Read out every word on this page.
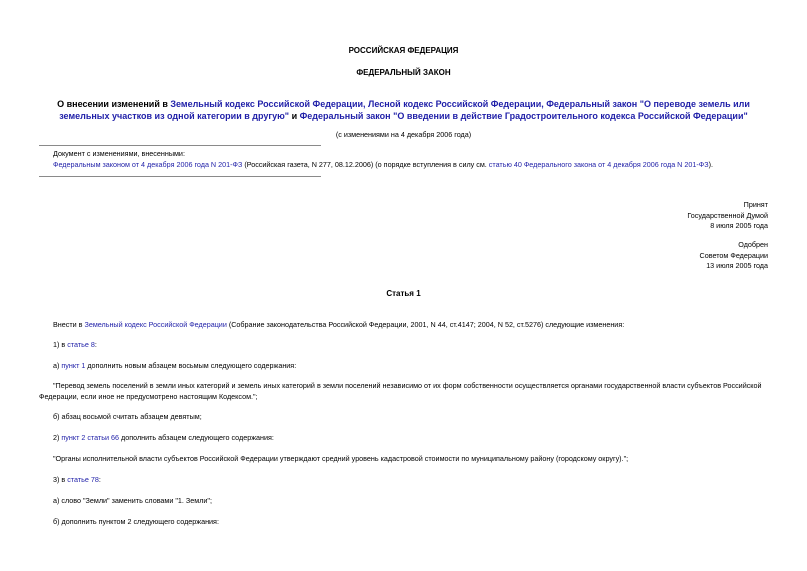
РОССИЙСКАЯ ФЕДЕРАЦИЯ
ФЕДЕРАЛЬНЫЙ ЗАКОН
О внесении изменений в Земельный кодекс Российской Федерации, Лесной кодекс Российской Федерации, Федеральный закон "О переводе земель или
земельных участков из одной категории в другую" и Федеральный закон "О введении в действие Градостроительного кодекса Российской Федерации"
(с изменениями на 4 декабря 2006 года)
Документ с изменениями, внесенными:
Федеральным законом от 4 декабря 2006 года N 201-ФЗ (Российская газета, N 277, 08.12.2006) (о порядке вступления в силу см. статью 40 Федерального закона от 4 декабря 2006 года N 201-ФЗ).
Принят
Государственной Думой
8 июля 2005 года
Одобрен
Советом Федерации
13 июля 2005 года
Статья 1
Внести в Земельный кодекс Российской Федерации (Собрание законодательства Российской Федерации, 2001, N 44, ст.4147; 2004, N 52, ст.5276) следующие изменения:
1) в статье 8:
а) пункт 1 дополнить новым абзацем восьмым следующего содержания:
"Перевод земель поселений в земли иных категорий и земель иных категорий в земли поселений независимо от их форм собственности осуществляется органами государственной власти субъектов Российской
Федерации, если иное не предусмотрено настоящим Кодексом.";
б) абзац восьмой считать абзацем девятым;
2) пункт 2 статьи 66 дополнить абзацем следующего содержания:
"Органы исполнительной власти субъектов Российской Федерации утверждают средний уровень кадастровой стоимости по муниципальному району (городскому округу).";
3) в статье 78:
а) слово "Земли" заменить словами "1. Земли";
б) дополнить пунктом 2 следующего содержания:
